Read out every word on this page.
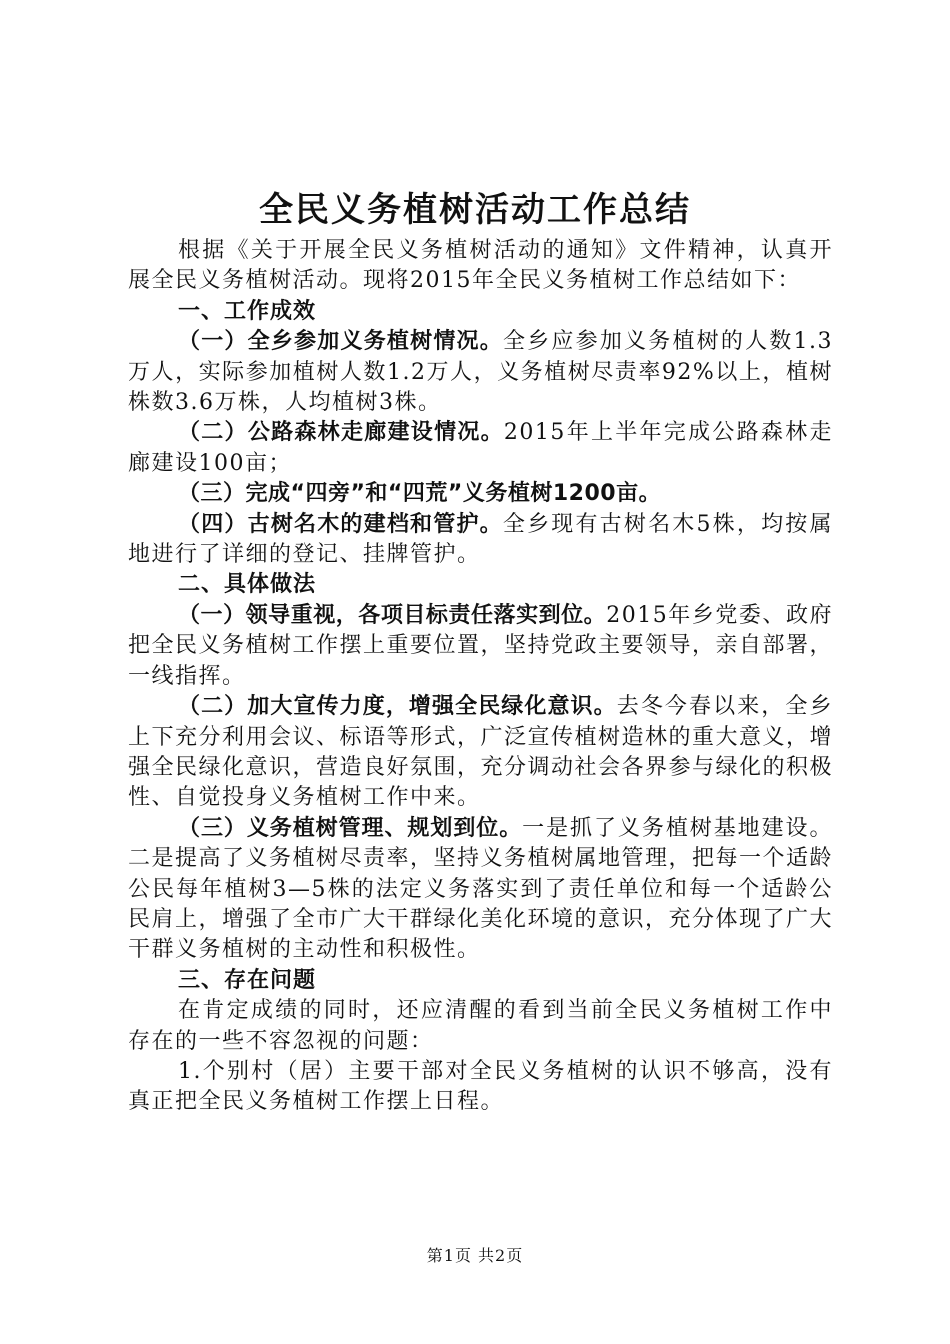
全民义务植树活动工作总结

根据《关于开展全民义务植树活动的通知》文件精神，认真开展全民义务植树活动。现将2015年全民义务植树工作总结如下：

一、工作成效

（一）全乡参加义务植树情况。全乡应参加义务植树的人数1.3万人，实际参加植树人数1.2万人，义务植树尽责率92%以上，植树株数3.6万株，人均植树3株。

（二）公路森林走廊建设情况。2015年上半年完成公路森林走廊建设100亩；

（三）完成“四旁”和“四荒”义务植树1200亩。

（四）古树名木的建档和管护。全乡现有古树名木5株，均按属地进行了详细的登记、挂牌管护。

二、具体做法

（一）领导重视，各项目标责任落实到位。2015年乡党委、政府把全民义务植树工作摆上重要位置，坚持党政主要领导，亲自部署，一线指挥。

（二）加大宣传力度，增强全民绿化意识。去冬今春以来，全乡上下充分利用会议、标语等形式，广泛宣传植树造林的重大意义，增强全民绿化意识，营造良好氛围，充分调动社会各界参与绿化的积极性、自觉投身义务植树工作中来。

（三）义务植树管理、规划到位。一是抓了义务植树基地建设。二是提高了义务植树尽责率，坚持义务植树属地管理，把每一个适龄公民每年植树3—5株的法定义务落实到了责任单位和每一个适龄公民肩上，增强了全市广大干群绿化美化环境的意识，充分体现了广大干群义务植树的主动性和积极性。

三、存在问题

在肯定成绩的同时，还应清醒的看到当前全民义务植树工作中存在的一些不容忽视的问题：

1.个别村（居）主要干部对全民义务植树的认识不够高，没有真正把全民义务植树工作摆上日程。

第1页 共2页
